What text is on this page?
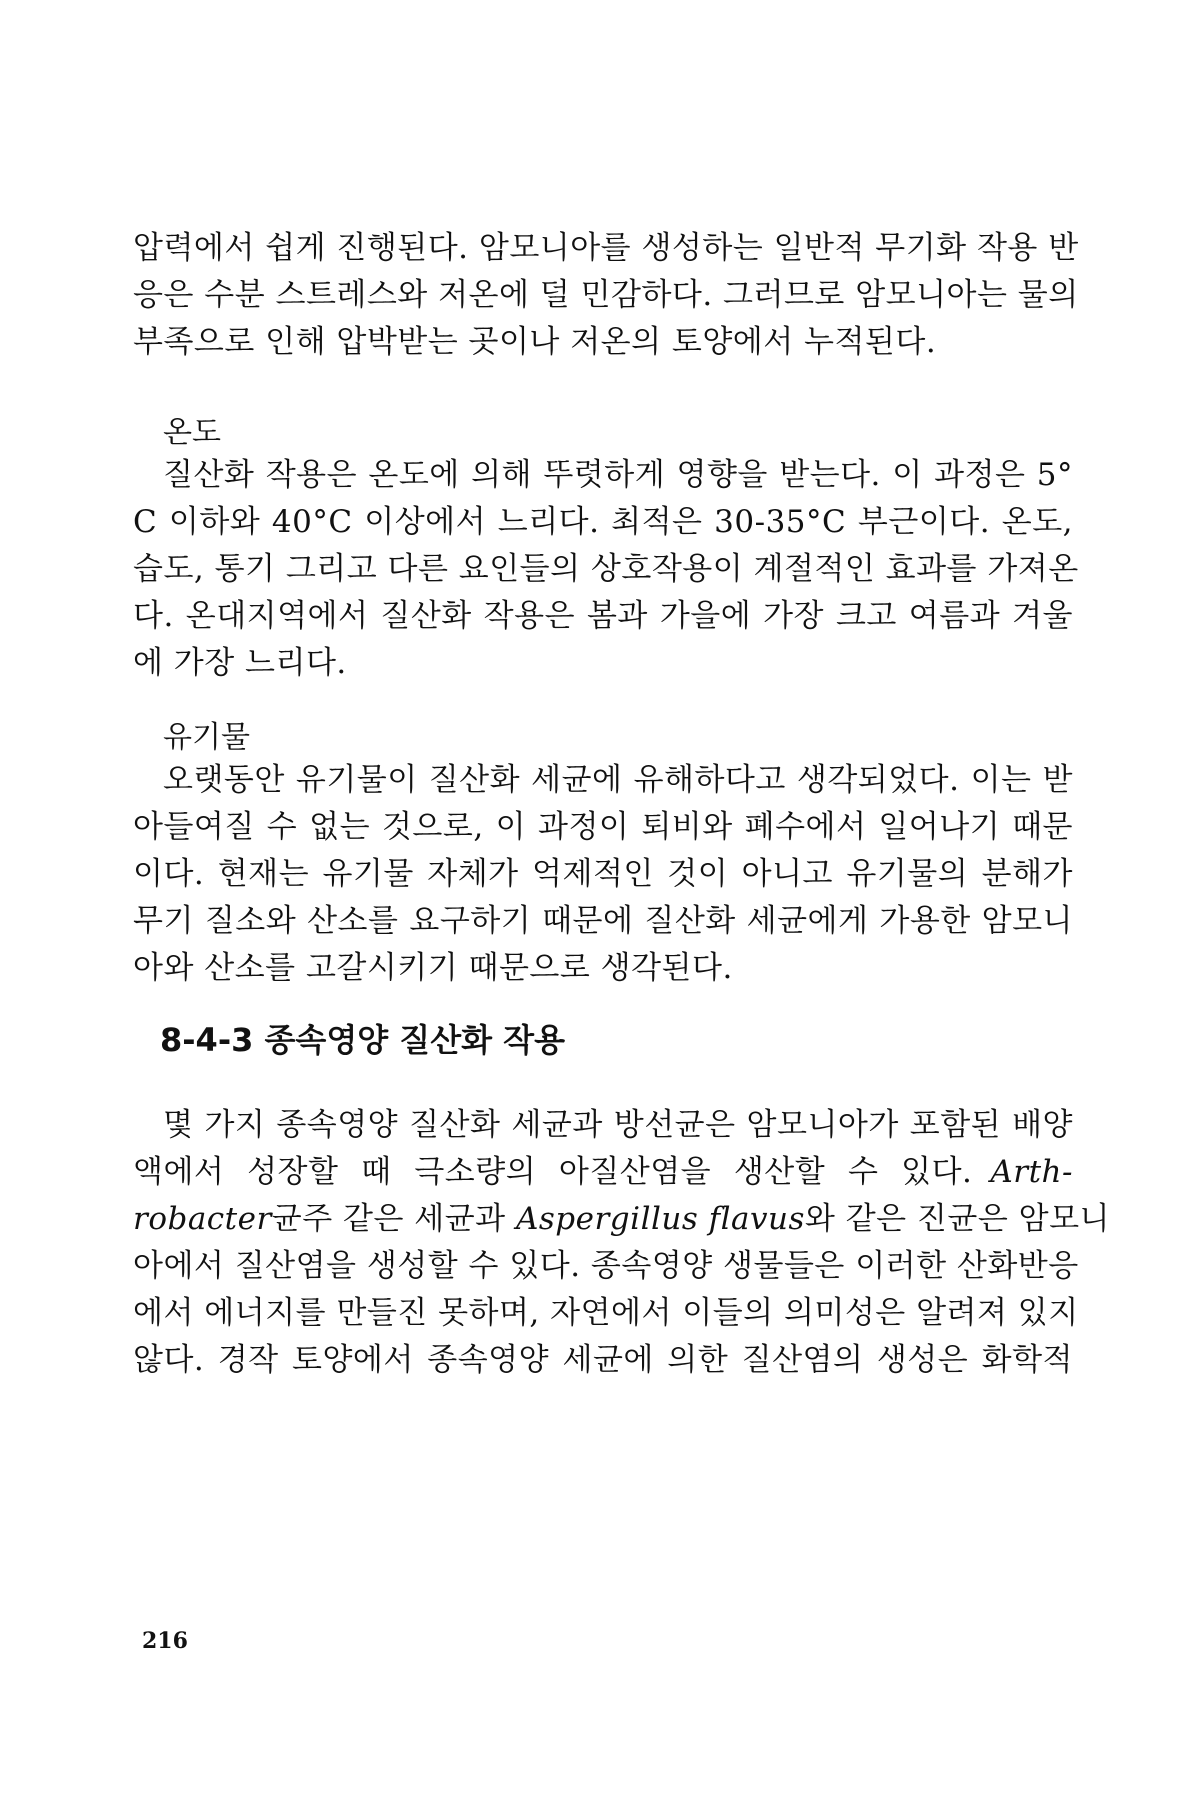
압력에서 쉽게 진행된다. 암모니아를 생성하는 일반적 무기화 작용 반
응은 수분 스트레스와 저온에 덜 민감하다. 그러므로 암모니아는 물의
부족으로 인해 압박받는 곳이나 저온의 토양에서 누적된다.
온도
질산화 작용은 온도에 의해 뚜렷하게 영향을 받는다. 이 과정은 5°
C 이하와 40°C 이상에서 느리다. 최적은 30-35°C 부근이다. 온도,
습도, 통기 그리고 다른 요인들의 상호작용이 계절적인 효과를 가져온
다. 온대지역에서 질산화 작용은 봄과 가을에 가장 크고 여름과 겨울
에 가장 느리다.
유기물
오랫동안 유기물이 질산화 세균에 유해하다고 생각되었다. 이는 받
아들여질 수 없는 것으로, 이 과정이 퇴비와 폐수에서 일어나기 때문
이다. 현재는 유기물 자체가 억제적인 것이 아니고 유기물의 분해가
무기 질소와 산소를 요구하기 때문에 질산화 세균에게 가용한 암모니
아와 산소를 고갈시키기 때문으로 생각된다.
8-4-3 종속영양 질산화 작용
몇 가지 종속영양 질산화 세균과 방선균은 암모니아가 포함된 배양
액에서 성장할 때 극소량의 아질산염을 생산할 수 있다. Arth-
robacter균주 같은 세균과 Aspergillus flavus와 같은 진균은 암모니
아에서 질산염을 생성할 수 있다. 종속영양 생물들은 이러한 산화반응
에서 에너지를 만들진 못하며, 자연에서 이들의 의미성은 알려져 있지
않다. 경작 토양에서 종속영양 세균에 의한 질산염의 생성은 화학적
216
